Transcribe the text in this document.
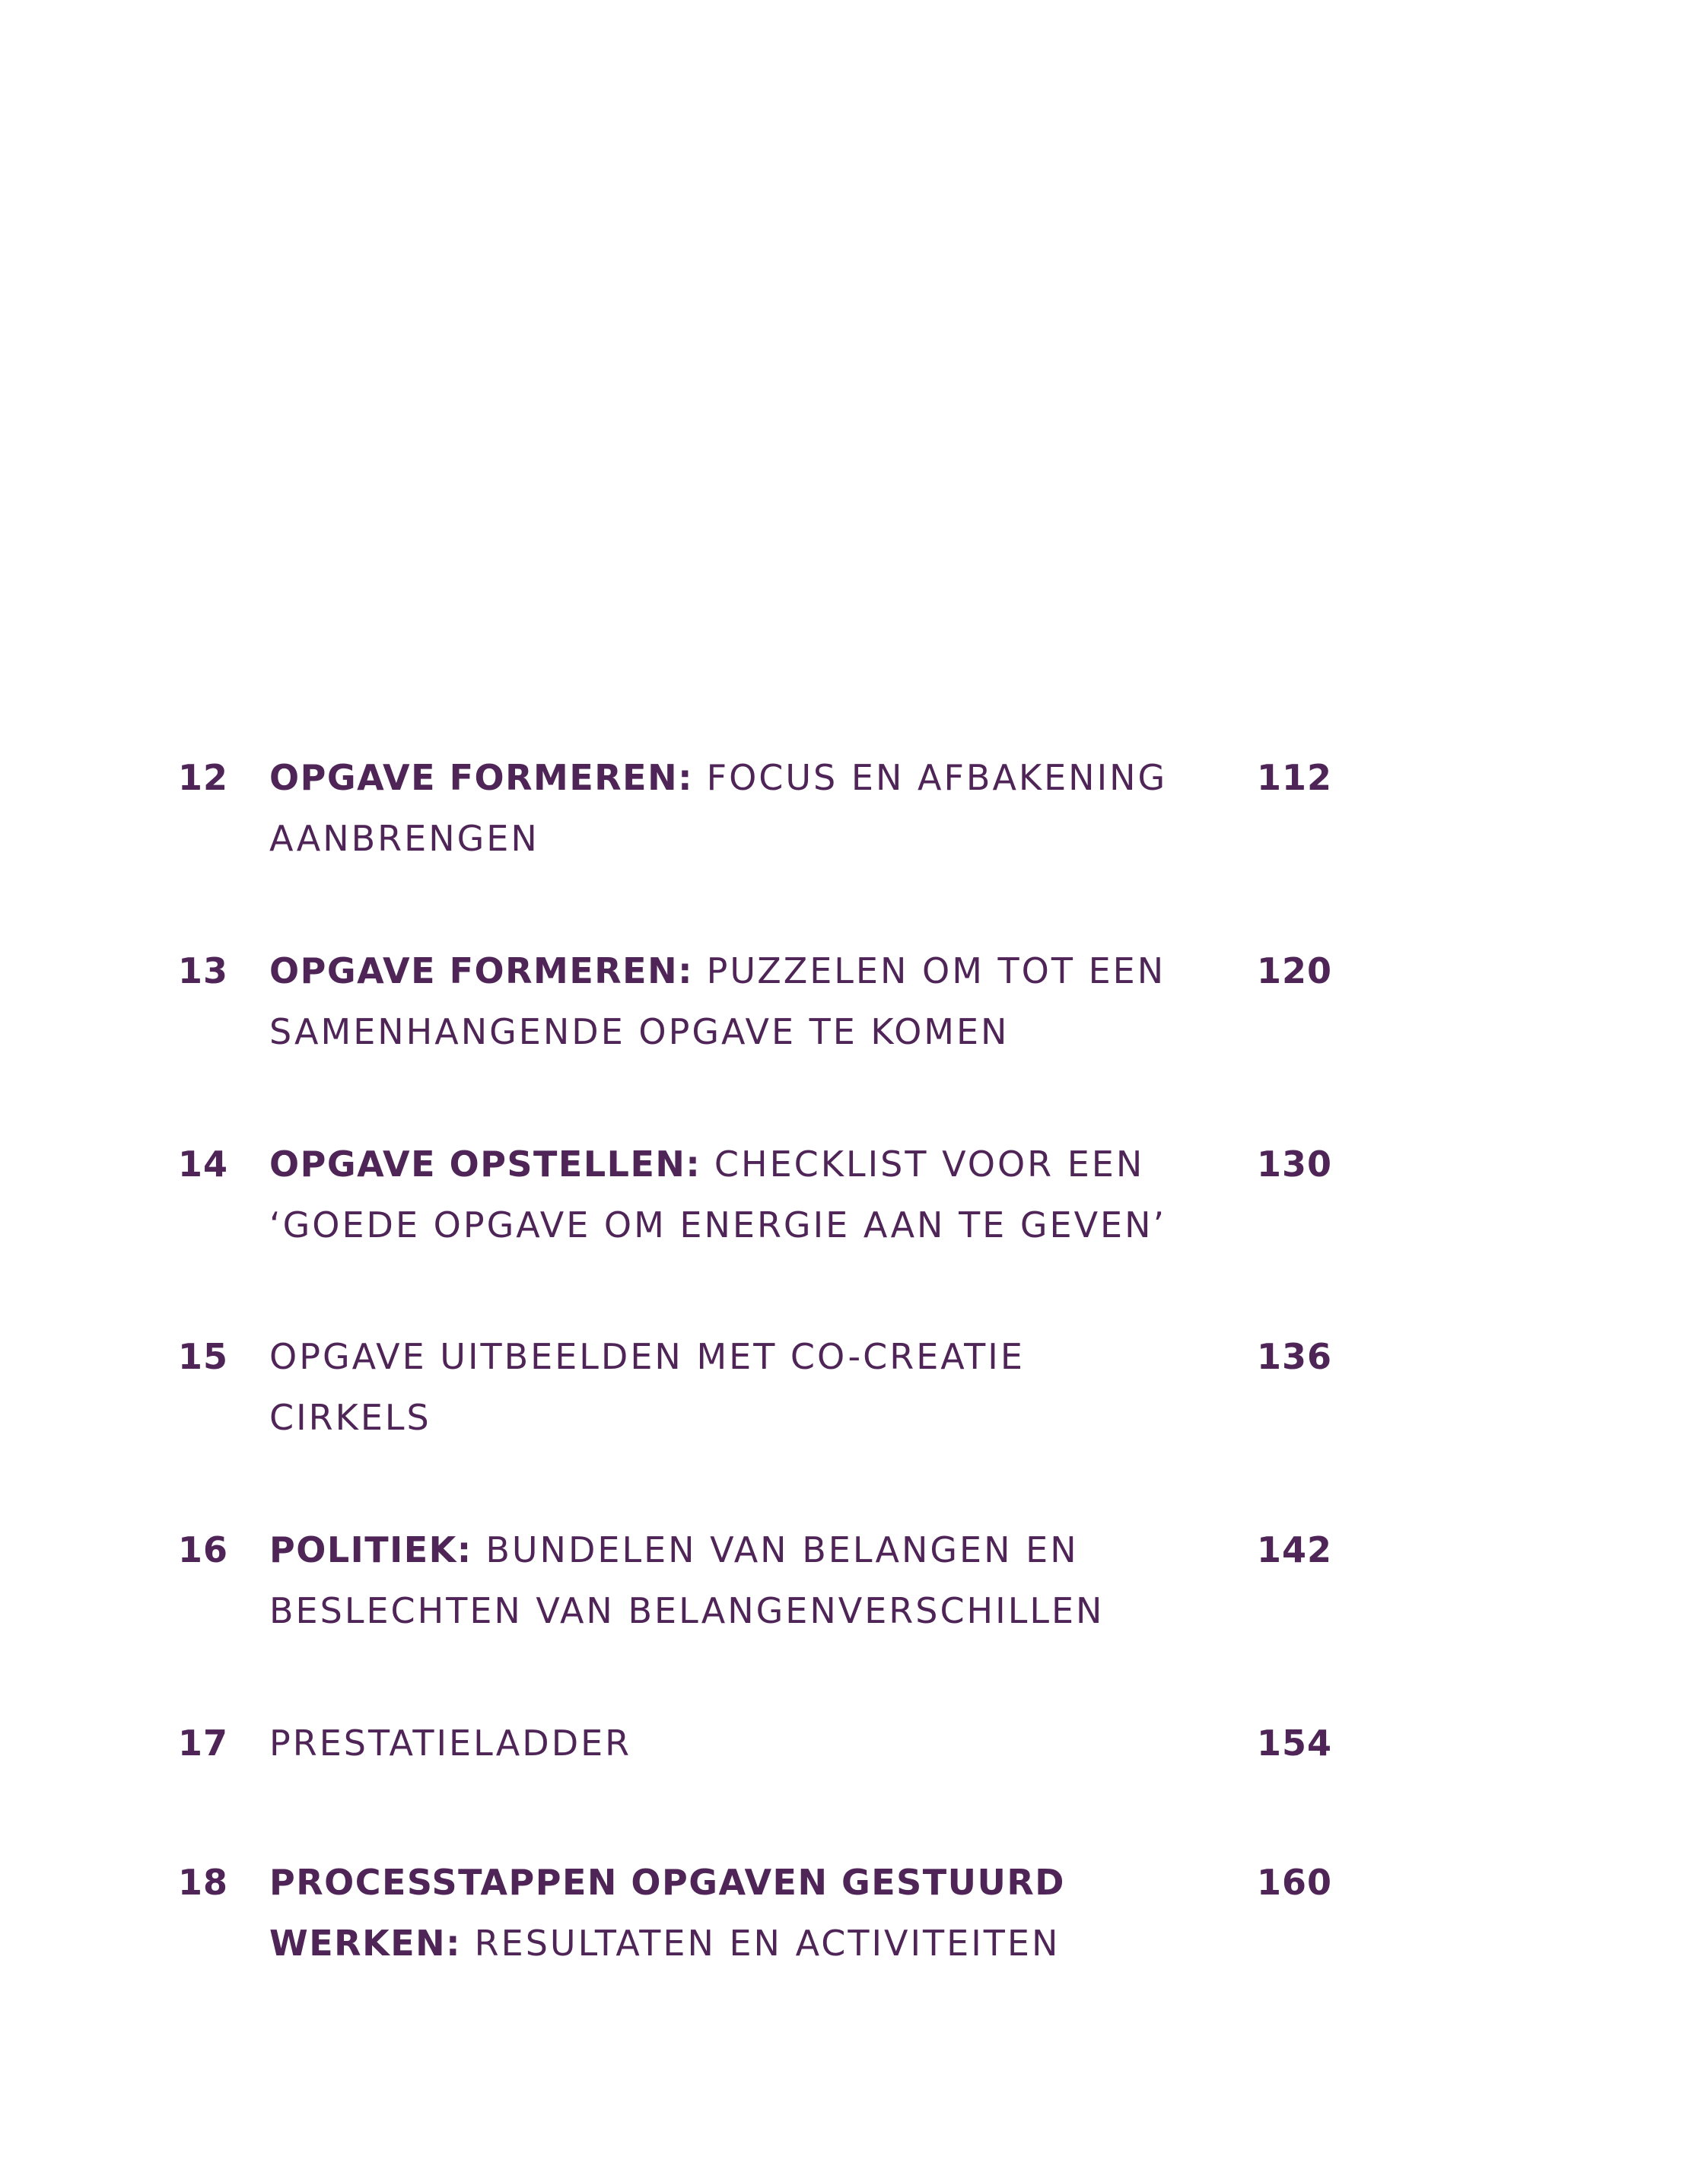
12 OPGAVE FORMEREN: FOCUS EN AFBAKENING
AANBRENGEN
112
13 OPGAVE FORMEREN: PUZZELEN OM TOT EEN
SAMENHANGENDE OPGAVE TE KOMEN
120
14 OPGAVE OPSTELLEN: CHECKLIST VOOR EEN
‘GOEDE OPGAVE OM ENERGIE AAN TE GEVEN’
130
15 OPGAVE UITBEELDEN MET CO-CREATIE
CIRKELS
136
16 POLITIEK: BUNDELEN VAN BELANGEN EN
BESLECHTEN VAN BELANGENVERSCHILLEN
142
17 PRESTATIELADDER	154
18 PROCESSTAPPEN OPGAVEN GESTUURD
WERKEN: RESULTATEN EN ACTIVITEITEN
160
